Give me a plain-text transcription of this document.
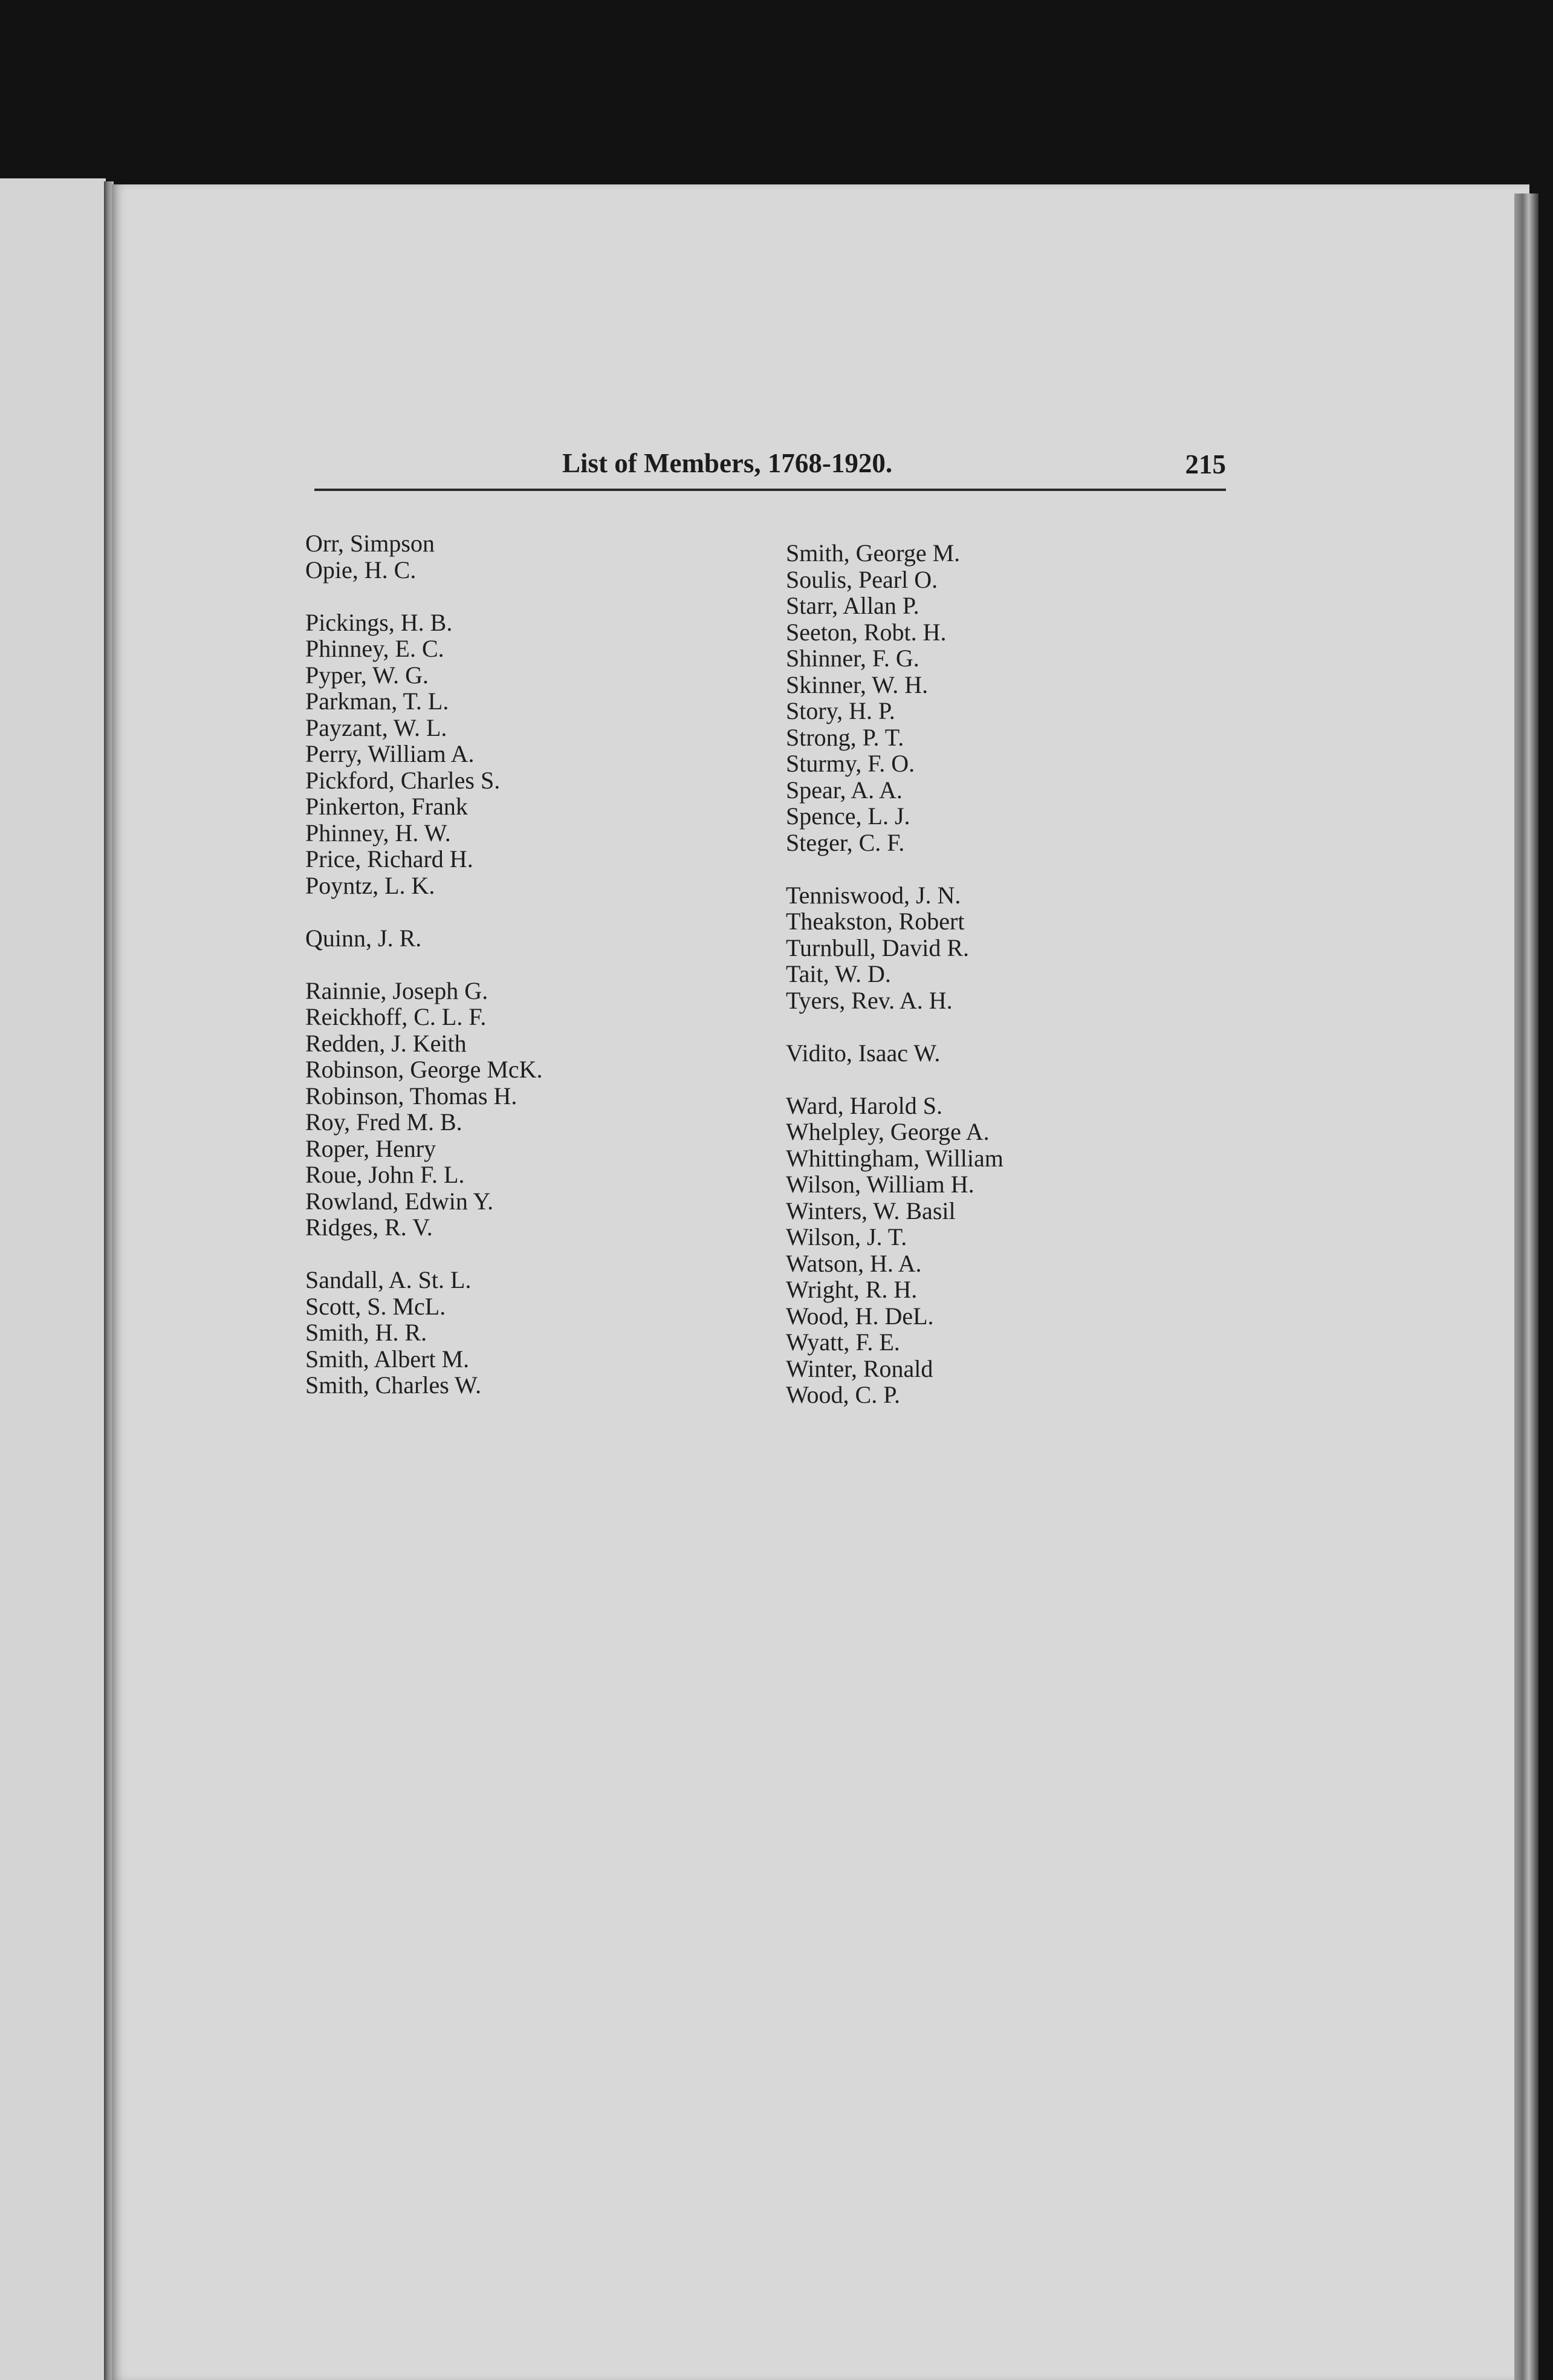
List of Members, 1768-1920.	215
Orr, Simpson
Opie, H. C.
Pickings, H. B.
Phinney, E. C.
Pyper, W. G.
Parkman, T. L.
Payzant, W. L.
Perry, William A.
Pickford, Charles S.
Pinkerton, Frank
Phinney, H. W.
Price, Richard H.
Poyntz, L. K.
Quinn, J. R.
Rainnie, Joseph G.
Reickhoff, C. L. F.
Redden, J. Keith
Robinson, George McK.
Robinson, Thomas H.
Roy, Fred M. B.
Roper, Henry
Roue, John F. L.
Rowland, Edwin Y.
Ridges, R. V.
Sandall, A. St. L.
Scott, S. McL.
Smith, H. R.
Smith, Albert M.
Smith, Charles W.
Smith, George M.
Soulis, Pearl O.
Starr, Allan P.
Seeton, Robt. H.
Shinner, F. G.
Skinner, W. H.
Story, H. P.
Strong, P. T.
Sturmy, F. O.
Spear, A. A.
Spence, L. J.
Steger, C. F.
Tenniswood, J. N.
Theakston, Robert
Turnbull, David R.
Tait, W. D.
Tyers, Rev. A. H.
Vidito, Isaac W.
Ward, Harold S.
Whelpley, George A.
Whittingham, William
Wilson, William H.
Winters, W. Basil
Wilson, J. T.
Watson, H. A.
Wright, R. H.
Wood, H. DeL.
Wyatt, F. E.
Winter, Ronald
Wood, C. P.
